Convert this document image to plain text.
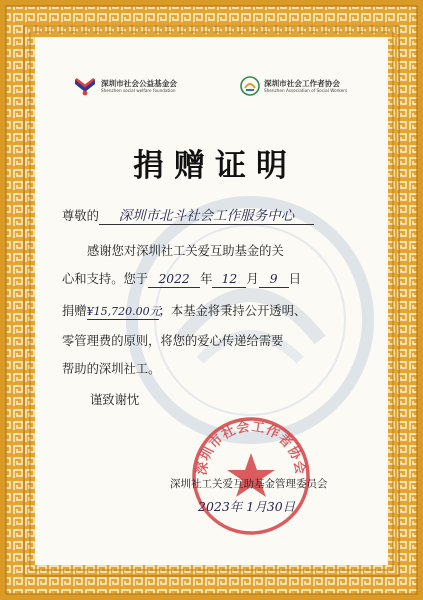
深圳市社会公益基金会
Shenzhen social welfare foundation
深圳市社会工作者协会
Shenzhen Association of Social Workers
捐赠证明
尊敬的 深圳市北斗社会工作服务中心
感谢您对深圳社工关爱互助基金的关
心和支持。您于 2022 年 12 月 9 日
捐赠¥15,720.00元；本基金将秉持公开透明、
零管理费的原则，将您的爱心传递给需要
帮助的深圳社工。
谨致谢忱
深圳市社会工作者协会
深圳社工关爱互助基金管理委员会
2023年 1月30日
